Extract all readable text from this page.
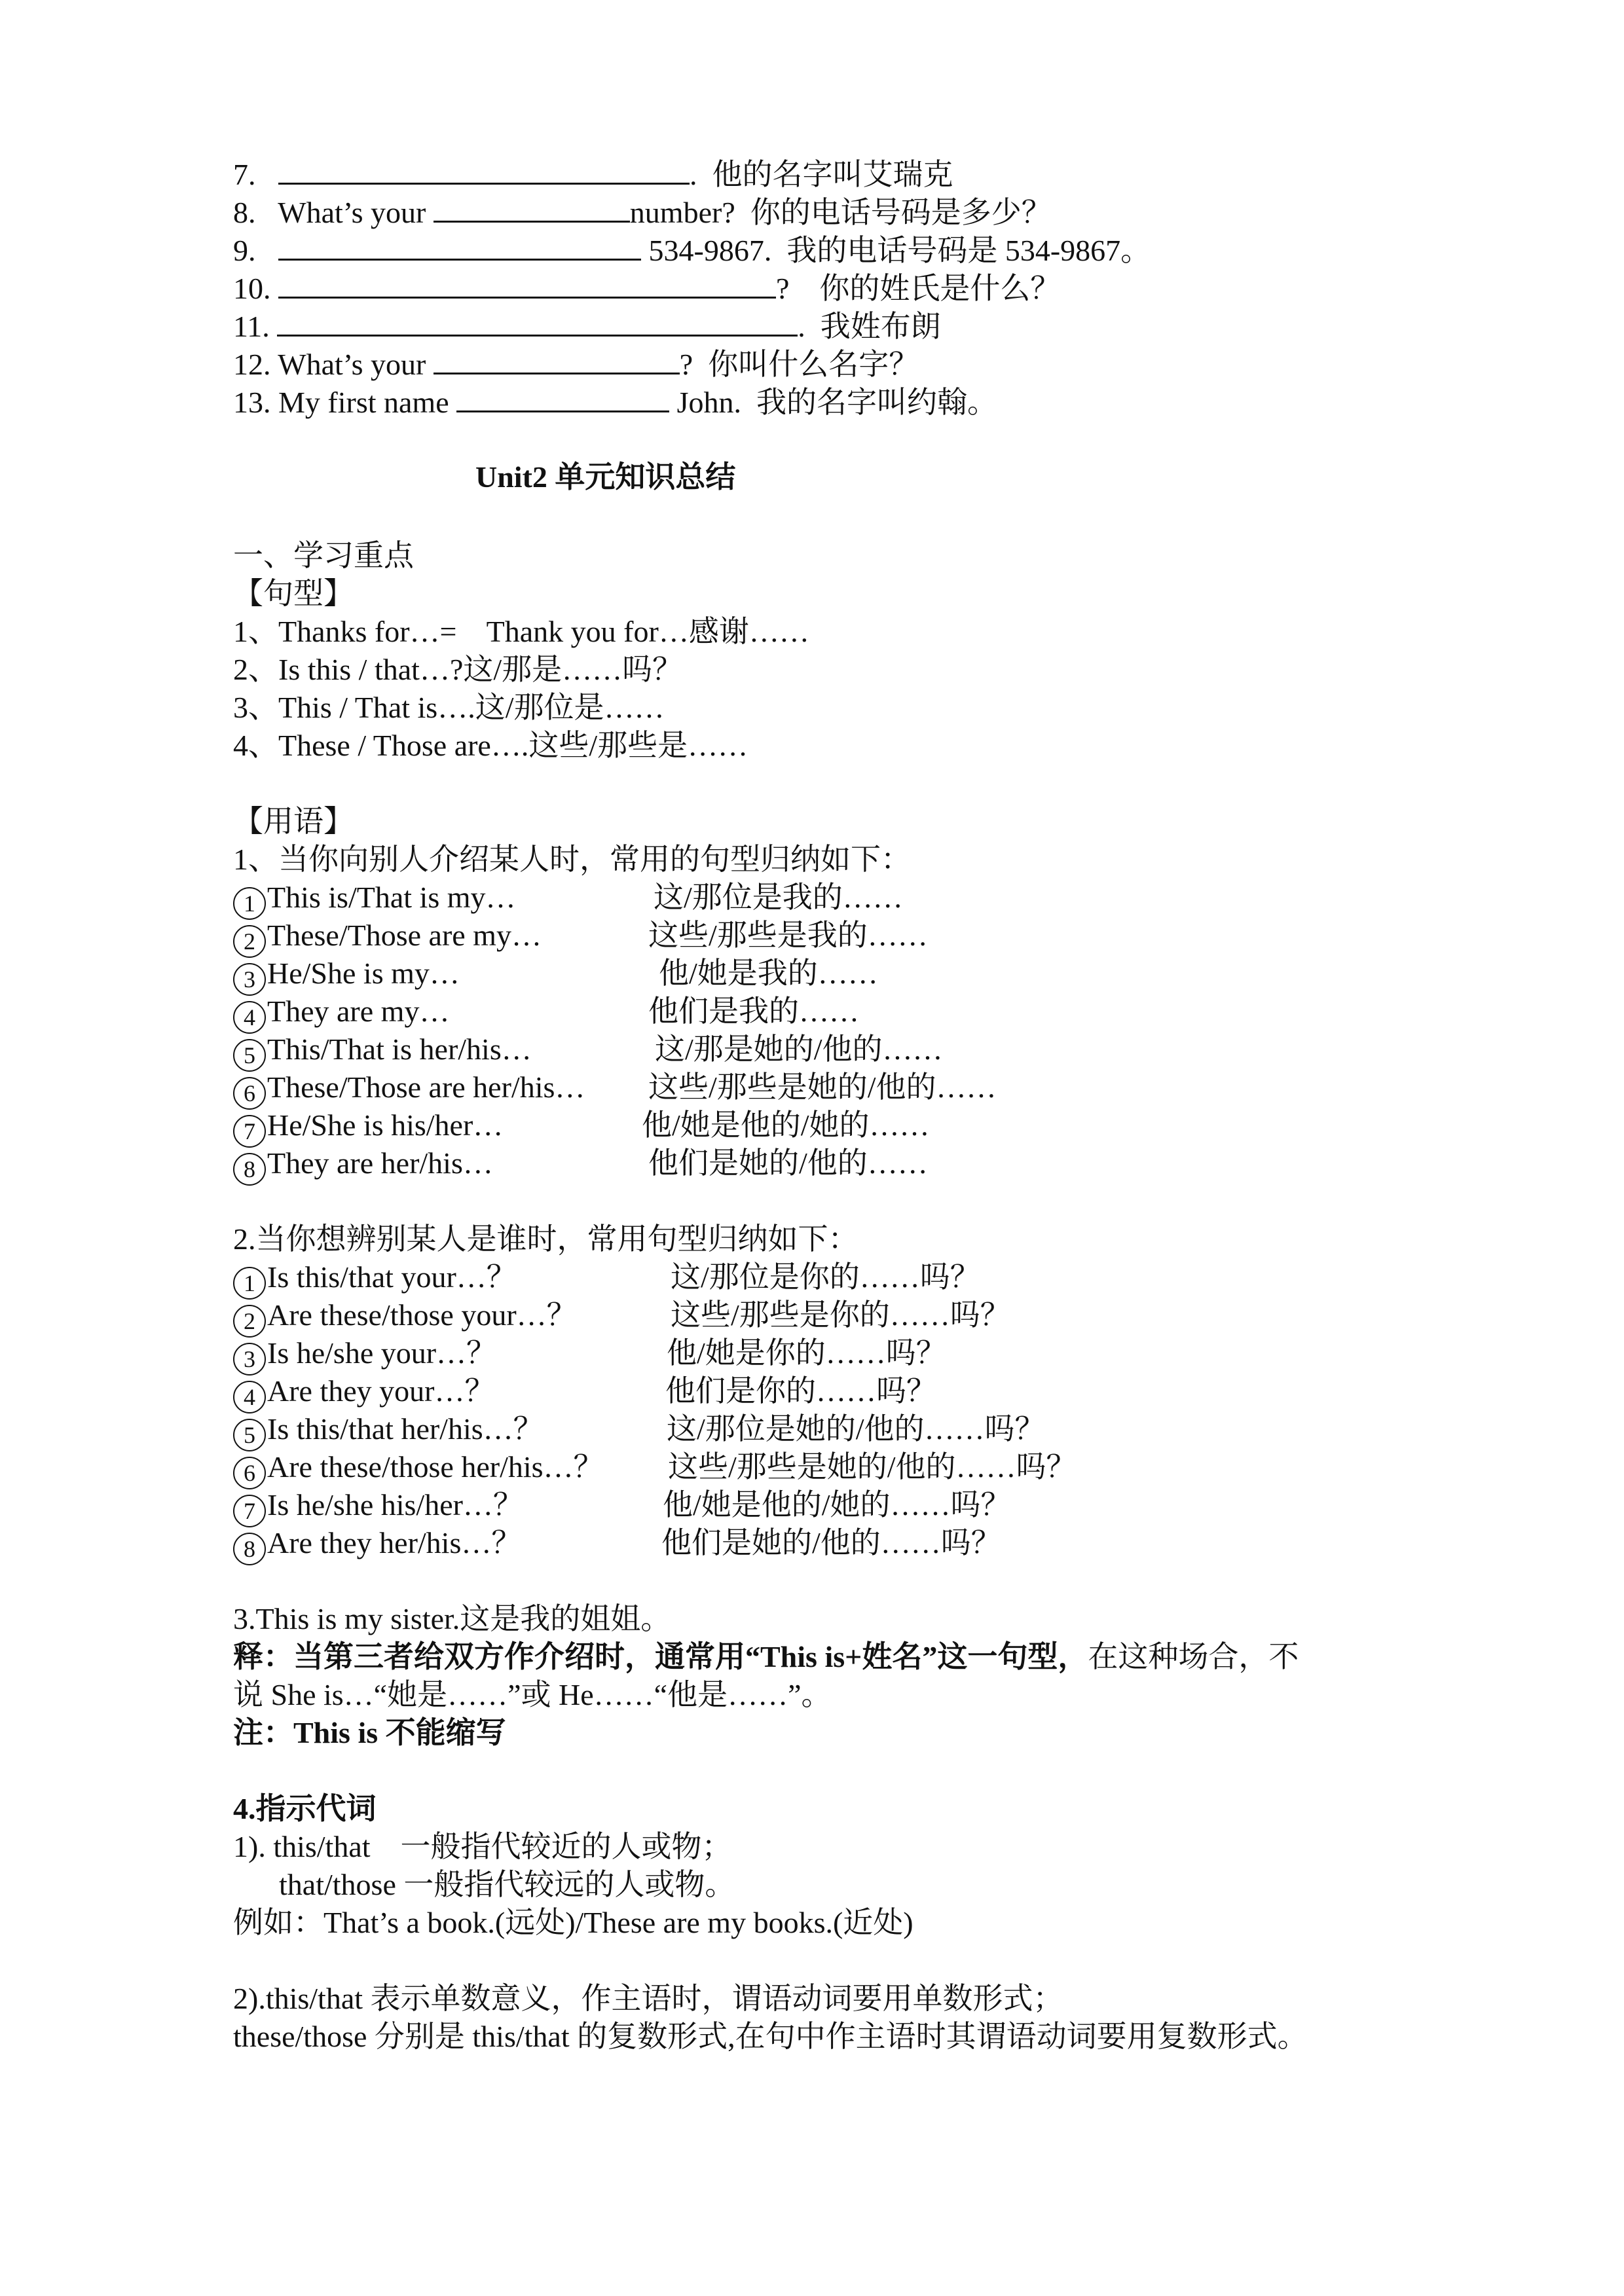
7.	.  他的名字叫艾瑞克
8. What’s your	number?  你的电话号码是多少？
9.	534-9867.  我的电话号码是 534-9867。
10.	?    你的姓氏是什么？
11.	.  我姓布朗
12. What’s your	?  你叫什么名字？
13. My first name	John.  我的名字叫约翰。
Unit2 单元知识总结
一、学习重点
【句型】
1、Thanks for…=    Thank you for…感谢……
2、Is this / that…?这/那是……吗？
3、This / That is….这/那位是……
4、These / Those are….这些/那些是……
【用语】
1、当你向别人介绍某人时，常用的句型归纳如下：
1 This is/That is my…	这/那位是我的……
2 These/Those are my…	这些/那些是我的……
3 He/She is my…	他/她是我的……
4 They are my…	他们是我的……
5 This/That is her/his…	这/那是她的/他的……
6 These/Those are her/his… 这些/那些是她的/他的……
7 He/She is his/her…	他/她是他的/她的……
8 They are her/his…	他们是她的/他的……
2.当你想辨别某人是谁时，常用句型归纳如下：
1 Is this/that your…？	这/那位是你的……吗？
2 Are these/those your…？	这些/那些是你的……吗？
3 Is he/she your…？	他/她是你的……吗？
4 Are they your…？	他们是你的……吗？
5 Is this/that her/his…？	这/那位是她的/他的……吗？
6 Are these/those her/his…？ 这些/那些是她的/他的……吗？
7 Is he/she his/her…？	他/她是他的/她的……吗？
8 Are they her/his…？	他们是她的/他的……吗？
3.This is my sister.这是我的姐姐。
释：当第三者给双方作介绍时，通常用“This is+姓名”这一句型，在这种场合，不
说 She is…“她是……”或 He……“他是……”。
注：This is 不能缩写
4.指示代词
1). this/that    一般指代较近的人或物；
that/those 一般指代较远的人或物。
例如：That’s a book.(远处)/These are my books.(近处)
2).this/that 表示单数意义，作主语时，谓语动词要用单数形式；
these/those 分别是 this/that 的复数形式,在句中作主语时其谓语动词要用复数形式。
